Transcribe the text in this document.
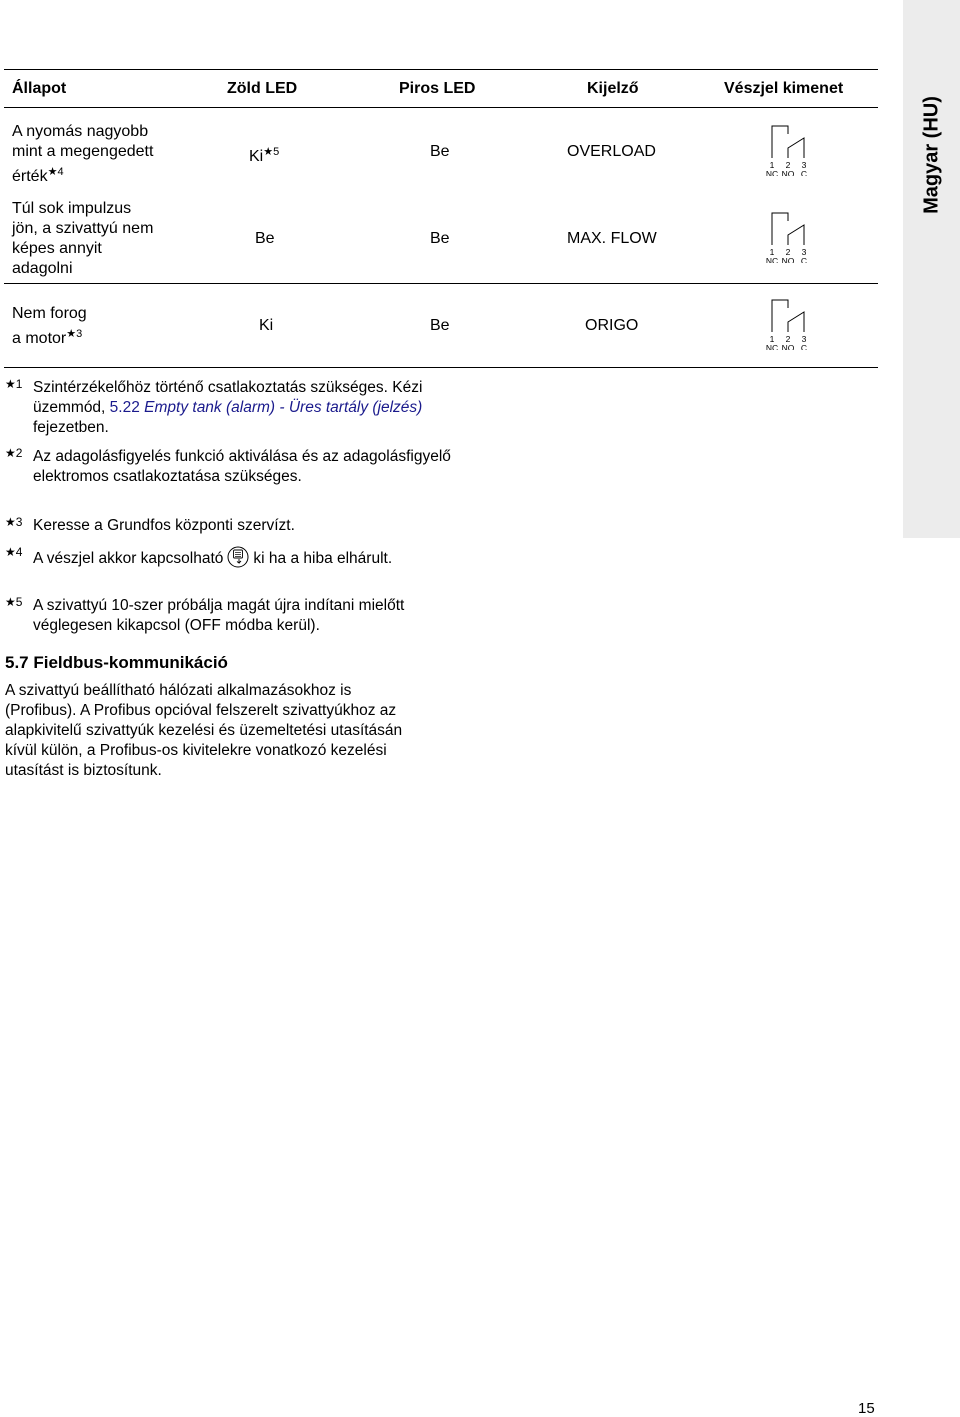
Magyar (HU)
Állapot	Zöld LED	Piros LED	Kijelző	Vészjel kimenet
A nyomás nagyobb
mint a megengedett
érték$^{★4}$
$Ki^{★5}$	Be	OVERLOAD
Túl sok impulzus
jön, a szivattyú nem
képes annyit
adagolni
Be	Be	MAX. FLOW
Nem forog
a motor$^{★3}$	Ki	Be	ORIGO
1 2 3
NC NO C
1 2 3
NC NO C
1 2 3
NC NO C
★1 Szintérzékelőhöz történő csatlakoztatás szükséges. Kézi üzemmód, 5.22 Empty tank (alarm) - Üres tartály (jelzés) fejezetben.
★2 Az adagolásfigyelés funkció aktiválása és az adagolásfigyelő elektromos csatlakoztatása szükséges.
★3 Keresse a Grundfos központi szervízt.
★4 A vészjel akkor kapcsolható ki ha a hiba elhárult.
★5 A szivattyú 10-szer próbálja magát újra indítani mielőtt véglegesen kikapcsol (OFF módba kerül).
5.7 Fieldbus-kommunikáció
A szivattyú beállítható hálózati alkalmazásokhoz is (Profibus). A Profibus opcióval felszerelt szivattyúkhoz az alapkivitelű szivattyúk kezelési és üzemeltetési utasításán kívül külön, a Profibus-os kivitelekre vonatkozó kezelési utasítást is biztosítunk.
15
